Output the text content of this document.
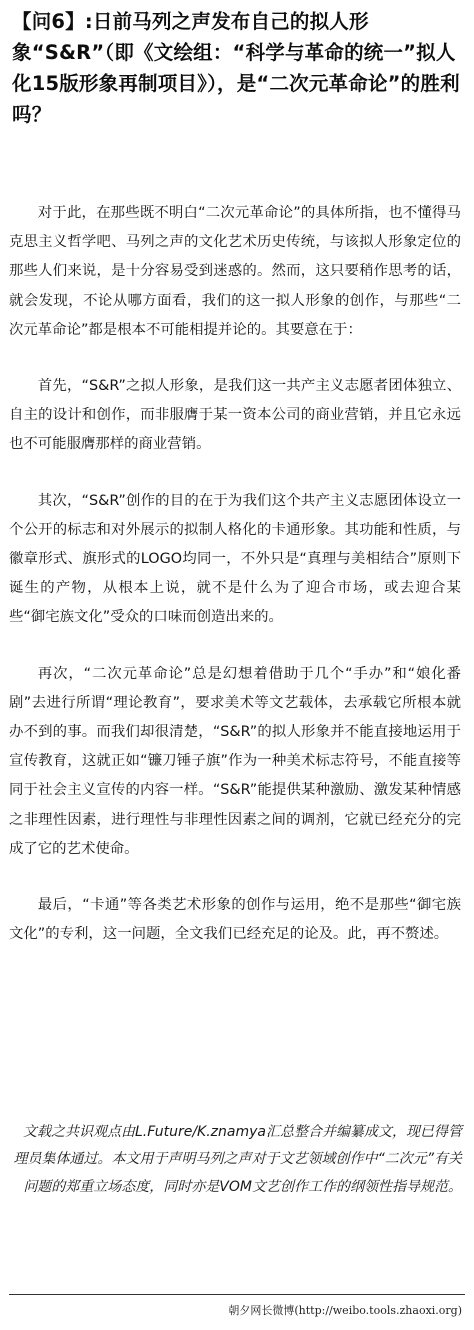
【问6】:日前马列之声发布自己的拟人形象“S&R”（即《文绘组：“科学与革命的统一”拟人化15版形象再制项目》），是“二次元革命论”的胜利吗？

对于此，在那些既不明白“二次元革命论”的具体所指，也不懂得马克思主义哲学吧、马列之声的文化艺术历史传统，与该拟人形象定位的那些人们来说，是十分容易受到迷惑的。然而，这只要稍作思考的话，就会发现，不论从哪方面看，我们的这一拟人形象的创作，与那些“二次元革命论”都是根本不可能相提并论的。其要意在于：

首先，“S&R”之拟人形象，是我们这一共产主义志愿者团体独立、自主的设计和创作，而非服膺于某一资本公司的商业营销，并且它永远也不可能服膺那样的商业营销。

其次，“S&R”创作的目的在于为我们这个共产主义志愿团体设立一个公开的标志和对外展示的拟制人格化的卡通形象。其功能和性质，与徽章形式、旗形式的LOGO均同一，不外只是“真理与美相结合”原则下诞生的产物，从根本上说，就不是什么为了迎合市场，或去迎合某些“御宅族文化”受众的口味而创造出来的。

再次，“二次元革命论”总是幻想着借助于几个“手办”和“娘化番剧”去进行所谓“理论教育”，要求美术等文艺载体，去承载它所根本就办不到的事。而我们却很清楚，“S&R”的拟人形象并不能直接地运用于宣传教育，这就正如“镰刀锤子旗”作为一种美术标志符号，不能直接等同于社会主义宣传的内容一样。“S&R”能提供某种激励、激发某种情感之非理性因素，进行理性与非理性因素之间的调剂，它就已经充分的完成了它的艺术使命。

最后，“卡通”等各类艺术形象的创作与运用，绝不是那些“御宅族文化”的专利，这一问题，全文我们已经充足的论及。此，再不赘述。

文载之共识观点由L.Future/K.znamya汇总整合并编纂成文，现已得管理员集体通过。本文用于声明马列之声对于文艺领域创作中“二次元”有关问题的郑重立场态度，同时亦是VOM文艺创作工作的纲领性指导规范。

朝夕网长微博(http://weibo.tools.zhaoxi.org)
